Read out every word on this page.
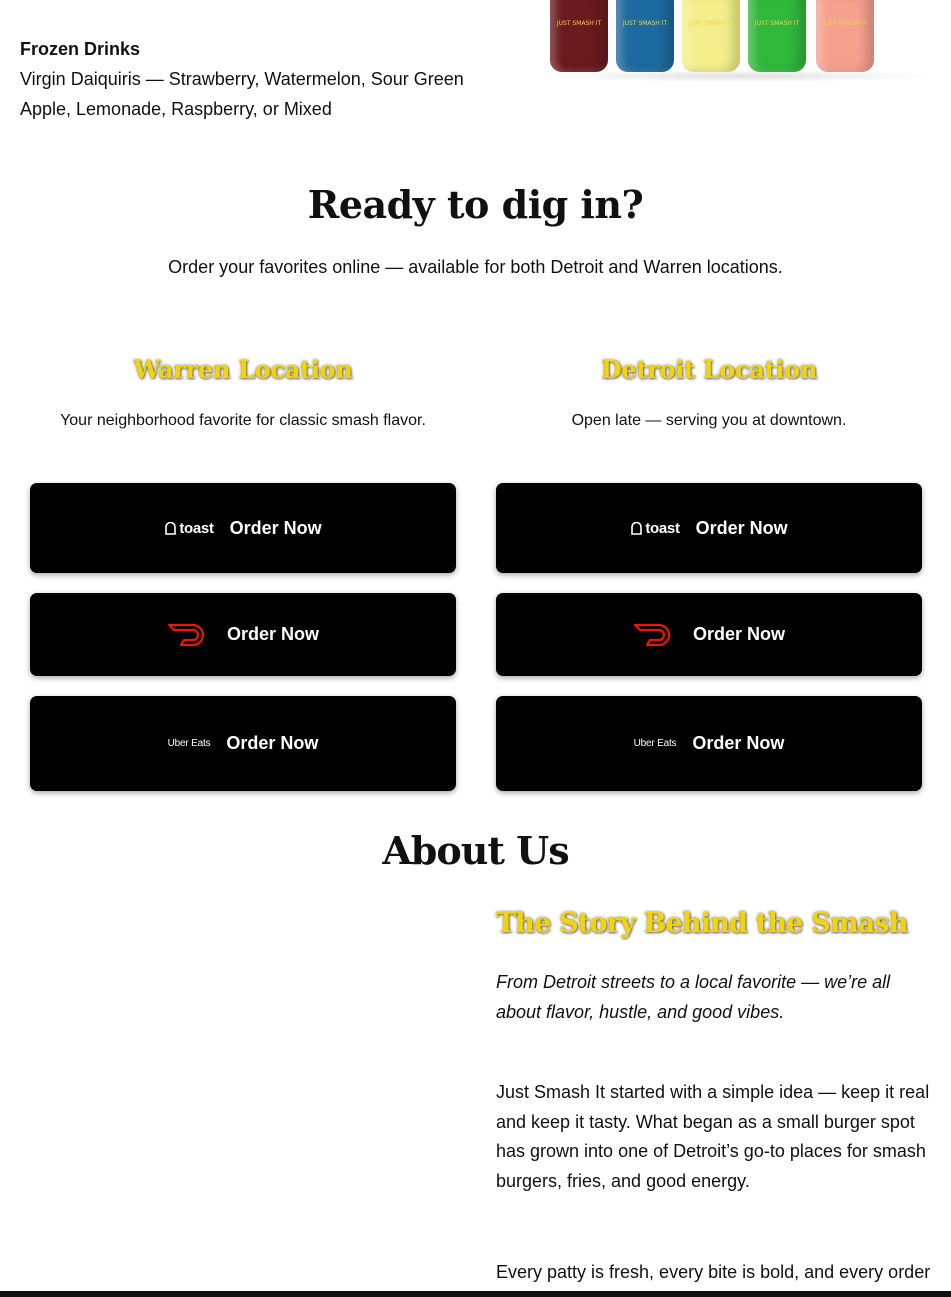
Frozen Drinks
Virgin Daiquiris — Strawberry, Watermelon, Sour Green Apple, Lemonade, Raspberry, or Mixed
JUST SMASH IT	JUST SMASH IT	JUST SMASH IT	JUST SMASH IT	JUST SMASH IT
Ready to dig in?
Order your favorites online — available for both Detroit and Warren locations.
Warren Location
Your neighborhood favorite for classic smash flavor.
toast Order Now
Order Now
Uber Eats Order Now
Detroit Location
Open late — serving you at downtown.
toast Order Now
Order Now
Uber Eats Order Now
About Us
The Story Behind the Smash
From Detroit streets to a local favorite — we’re all about flavor, hustle, and good vibes.
Just Smash It started with a simple idea — keep it real and keep it tasty. What began as a small burger spot has grown into one of Detroit’s go-to places for smash burgers, fries, and good energy.
Every patty is fresh, every bite is bold, and every order
